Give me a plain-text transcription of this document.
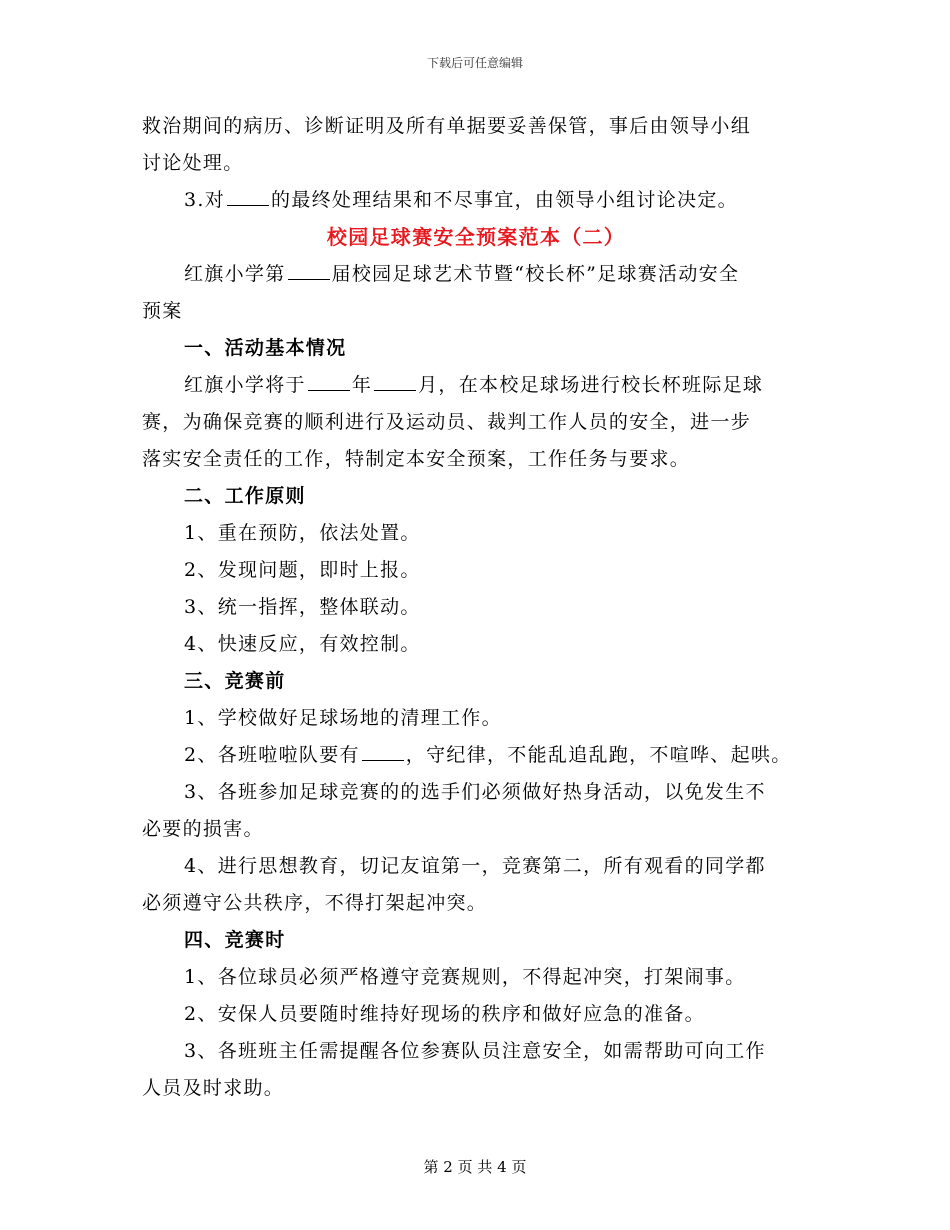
下载后可任意编辑
救治期间的病历、诊断证明及所有单据要妥善保管，事后由领导小组
讨论处理。
3.对 的最终处理结果和不尽事宜，由领导小组讨论决定。
校园足球赛安全预案范本（二）
红旗小学第 届校园足球艺术节暨“校长杯”足球赛活动安全
预案
一、活动基本情况
红旗小学将于 年 月，在本校足球场进行校长杯班际足球
赛，为确保竞赛的顺利进行及运动员、裁判工作人员的安全，进一步
落实安全责任的工作，特制定本安全预案，工作任务与要求。
二、工作原则
1、重在预防，依法处置。
2、发现问题，即时上报。
3、统一指挥，整体联动。
4、快速反应，有效控制。
三、竞赛前
1、学校做好足球场地的清理工作。
2、各班啦啦队要有 ，守纪律，不能乱追乱跑，不喧哗、起哄。
3、各班参加足球竞赛的的选手们必须做好热身活动，以免发生不
必要的损害。
4、进行思想教育，切记友谊第一，竞赛第二，所有观看的同学都
必须遵守公共秩序，不得打架起冲突。
四、竞赛时
1、各位球员必须严格遵守竞赛规则，不得起冲突，打架闹事。
2、安保人员要随时维持好现场的秩序和做好应急的准备。
3、各班班主任需提醒各位参赛队员注意安全，如需帮助可向工作
人员及时求助。
第 2 页 共 4 页
